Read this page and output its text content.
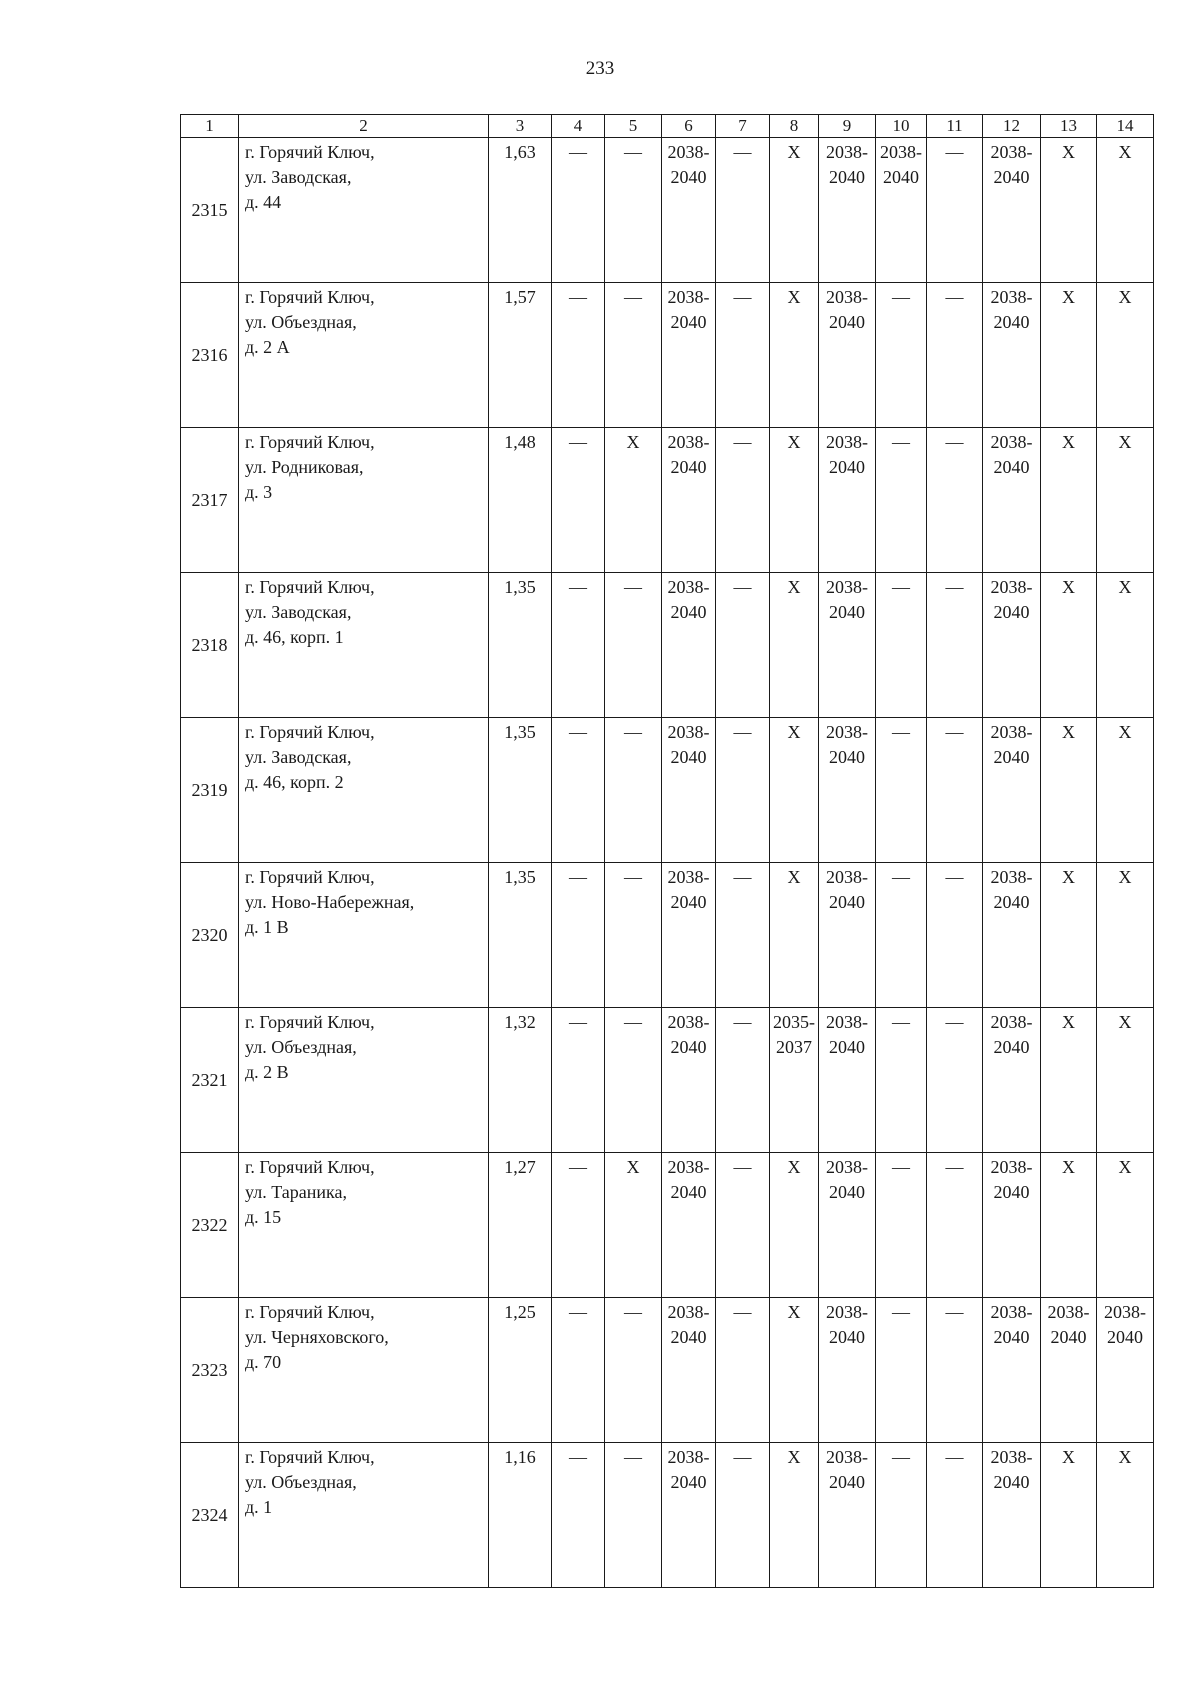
233
1	2	3	4	5	6	7	8	9	10	11	12	13	14
2315	г. Горячий Ключ,
ул. Заводская,
д. 44	1,63	—	—	2038-
2040	—	X	2038-
2040	2038-
2040	—	2038-
2040	X	X
2316	г. Горячий Ключ,
ул. Объездная,
д. 2 А	1,57	—	—	2038-
2040	—	X	2038-
2040	—	—	2038-
2040	X	X
2317	г. Горячий Ключ,
ул. Родниковая,
д. 3	1,48	—	X	2038-
2040	—	X	2038-
2040	—	—	2038-
2040	X	X
2318	г. Горячий Ключ,
ул. Заводская,
д. 46, корп. 1	1,35	—	—	2038-
2040	—	X	2038-
2040	—	—	2038-
2040	X	X
2319	г. Горячий Ключ,
ул. Заводская,
д. 46, корп. 2	1,35	—	—	2038-
2040	—	X	2038-
2040	—	—	2038-
2040	X	X
2320	г. Горячий Ключ,
ул. Ново-Набережная,
д. 1 В	1,35	—	—	2038-
2040	—	X	2038-
2040	—	—	2038-
2040	X	X
2321	г. Горячий Ключ,
ул. Объездная,
д. 2 В	1,32	—	—	2038-
2040	—	2035-
2037	2038-
2040	—	—	2038-
2040	X	X
2322	г. Горячий Ключ,
ул. Тараника,
д. 15	1,27	—	X	2038-
2040	—	X	2038-
2040	—	—	2038-
2040	X	X
2323	г. Горячий Ключ,
ул. Черняховского,
д. 70	1,25	—	—	2038-
2040	—	X	2038-
2040	—	—	2038-
2040	2038-
2040	2038-
2040

2324	г. Горячий Ключ,
ул. Объездная,
д. 1	1,16	—	—	2038-
2040	—	X	2038-
2040	—	—	2038-
2040	X	X
